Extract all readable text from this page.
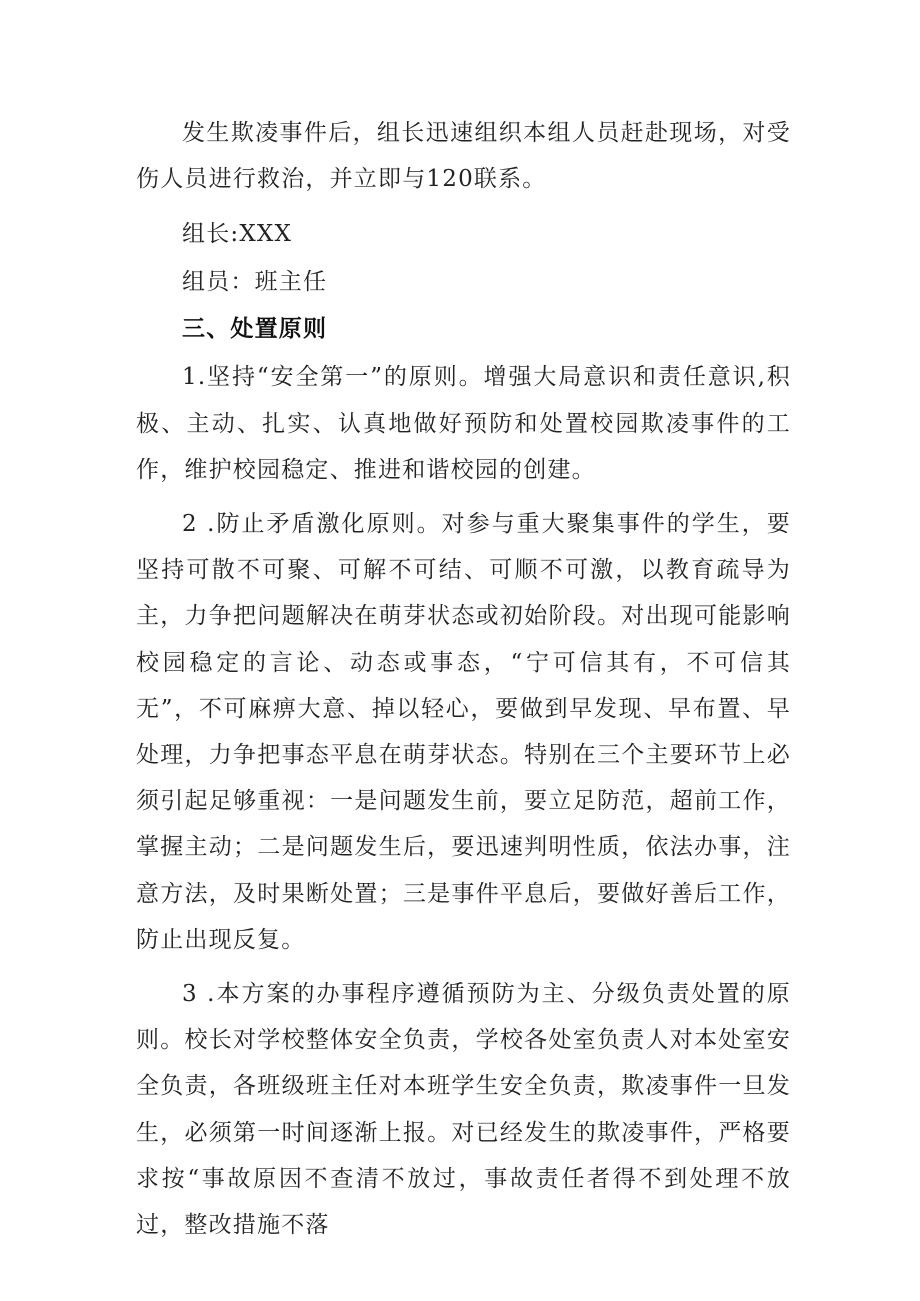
发生欺凌事件后，组长迅速组织本组人员赶赴现场，对受伤人员进行救治，并立即与120联系。

组长:XXX

组员：班主任

三、处置原则

1.坚持“安全第一”的原则。增强大局意识和责任意识,积极、主动、扎实、认真地做好预防和处置校园欺凌事件的工作，维护校园稳定、推进和谐校园的创建。

2 .防止矛盾激化原则。对参与重大聚集事件的学生，要坚持可散不可聚、可解不可结、可顺不可激，以教育疏导为主，力争把问题解决在萌芽状态或初始阶段。对出现可能影响校园稳定的言论、动态或事态，“宁可信其有，不可信其无”，不可麻痹大意、掉以轻心，要做到早发现、早布置、早处理，力争把事态平息在萌芽状态。特别在三个主要环节上必须引起足够重视：一是问题发生前，要立足防范，超前工作，掌握主动；二是问题发生后，要迅速判明性质，依法办事，注意方法，及时果断处置；三是事件平息后，要做好善后工作，防止出现反复。

3 .本方案的办事程序遵循预防为主、分级负责处置的原则。校长对学校整体安全负责，学校各处室负责人对本处室安全负责，各班级班主任对本班学生安全负责，欺凌事件一旦发生，必须第一时间逐渐上报。对已经发生的欺凌事件，严格要求按“事故原因不查清不放过，事故责任者得不到处理不放过，整改措施不落
